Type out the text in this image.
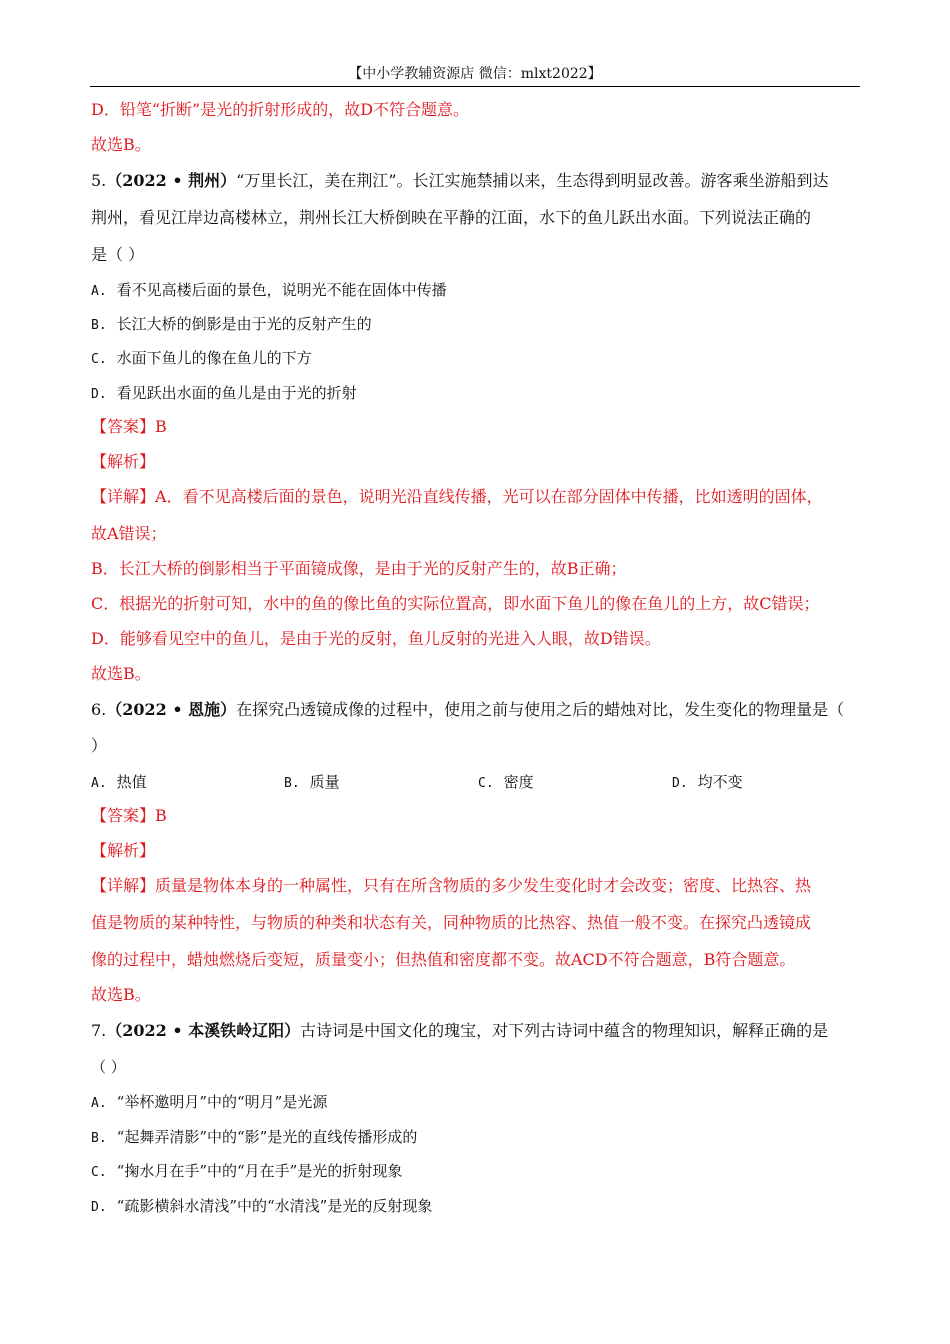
【中小学教辅资源店 微信：mlxt2022】
D．铅笔“折断”是光的折射形成的，故D不符合题意。
故选B。
5.（2022 • 荆州）“万里长江，美在荆江”。长江实施禁捕以来，生态得到明显改善。游客乘坐游船到达
荆州，看见江岸边高楼林立，荆州长江大桥倒映在平静的江面，水下的鱼儿跃出水面。下列说法正确的
是（ ）
A. 看不见高楼后面的景色，说明光不能在固体中传播
B. 长江大桥的倒影是由于光的反射产生的
C. 水面下鱼儿的像在鱼儿的下方
D. 看见跃出水面的鱼儿是由于光的折射
【答案】B
【解析】
【详解】A．看不见高楼后面的景色，说明光沿直线传播，光可以在部分固体中传播，比如透明的固体，
故A错误；
B．长江大桥的倒影相当于平面镜成像，是由于光的反射产生的，故B正确；
C．根据光的折射可知，水中的鱼的像比鱼的实际位置高，即水面下鱼儿的像在鱼儿的上方，故C错误；
D．能够看见空中的鱼儿，是由于光的反射，鱼儿反射的光进入人眼，故D错误。
故选B。
6.（2022 • 恩施）在探究凸透镜成像的过程中，使用之前与使用之后的蜡烛对比，发生变化的物理量是（
）
A. 热值	B. 质量	C. 密度	D. 均不变
【答案】B
【解析】
【详解】质量是物体本身的一种属性，只有在所含物质的多少发生变化时才会改变；密度、比热容、热
值是物质的某种特性，与物质的种类和状态有关，同种物质的比热容、热值一般不变。在探究凸透镜成
像的过程中，蜡烛燃烧后变短，质量变小；但热值和密度都不变。故ACD不符合题意，B符合题意。
故选B。
7.（2022 • 本溪铁岭辽阳）古诗词是中国文化的瑰宝，对下列古诗词中蕴含的物理知识，解释正确的是
（ ）
A. “举杯邀明月”中的“明月”是光源
B. “起舞弄清影”中的“影”是光的直线传播形成的
C. “掬水月在手”中的“月在手”是光的折射现象
D. “疏影横斜水清浅”中的“水清浅”是光的反射现象
